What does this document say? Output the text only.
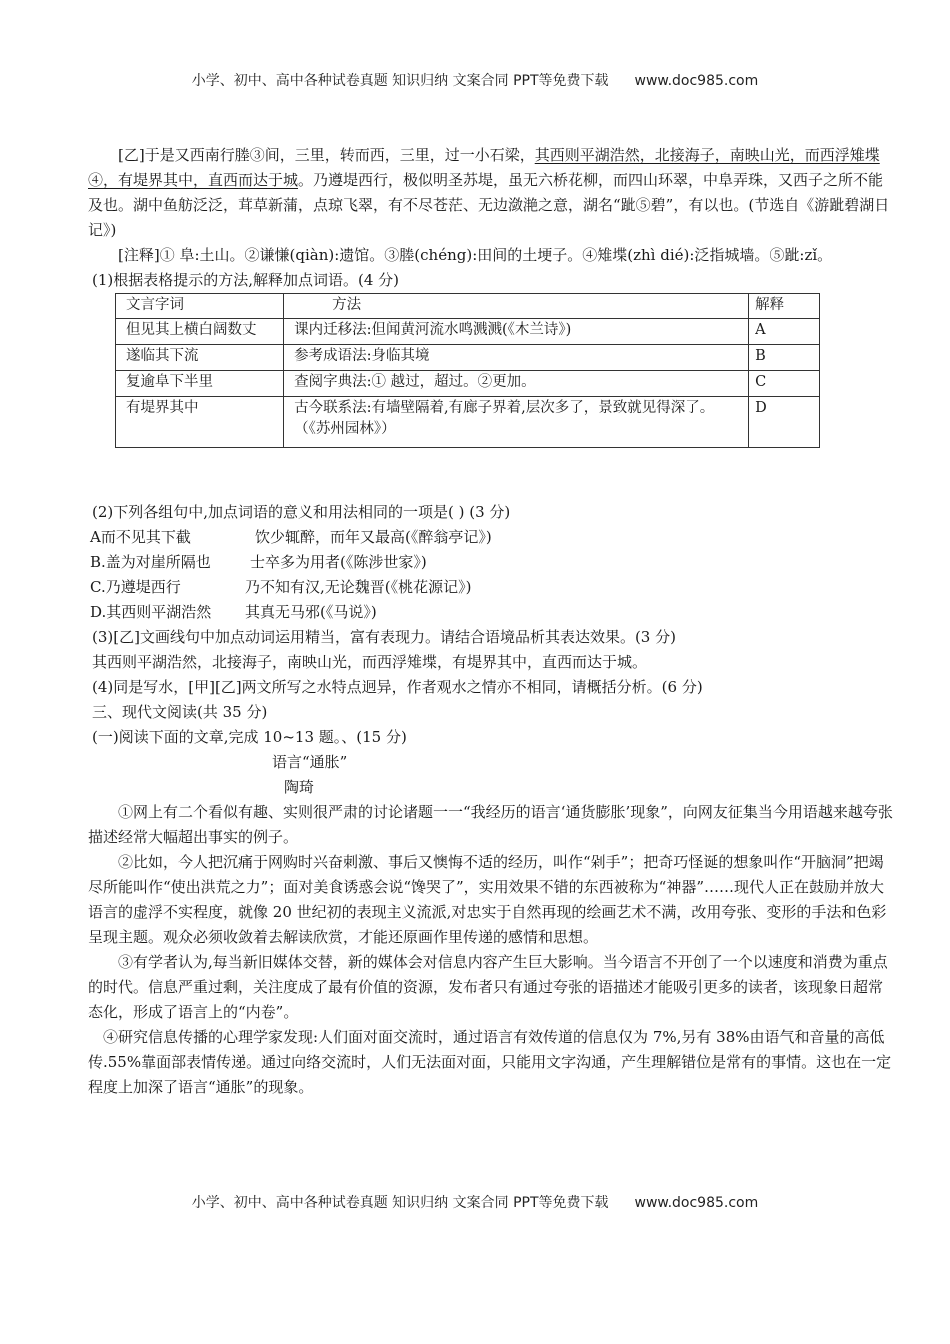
小学、初中、高中各种试卷真题 知识归纳 文案合同 PPT等免费下载 www.doc985.com

[乙]于是又西南行塍③间，三里，转而西，三里，过一小石梁，其西则平湖浩然，北接海子，南映山光，而西浮雉堞④，有堤界其中，直西而达于城。乃遵堤西行，极似明圣苏堤，虽无六桥花柳，而四山环翠，中阜弄珠，又西子之所不能及也。湖中鱼舫泛泛，茸草新蒲，点琼飞翠，有不尽苍茫、无边潋滟之意，湖名“跐⑤碧”，有以也。(节选自《游跐碧湖日记》)

[注释]① 阜:土山。②谦慊(qiàn):遗馆。③塍(chéng):田间的土埂子。④雉堞(zhì dié):泛指城墙。⑤跐:zǐ。

(1)根据表格提示的方法,解释加点词语。(4 分)

文言字词	方法	解释
但见其上横白阔数丈	课内迁移法:但闻黄河流水鸣溅溅(《木兰诗》)	A
遂临其下流	参考成语法:身临其境	B
复逾阜下半里	查阅字典法:① 越过，超过。②更加。	C
有堤界其中	古今联系法:有墙壁隔着,有廊子界着,层次多了，景致就见得深了。（《苏州园林》）	D

(2)下列各组句中,加点词语的意义和用法相同的一项是( ) (3 分)

A而不见其下截	饮少辄醉，而年又最高(《醉翁亭记》)

B.盖为对崖所隔也	士卒多为用者(《陈涉世家》)

C.乃遵堤西行	乃不知有汉,无论魏晋(《桃花源记》)

D.其西则平湖浩然 其真无马邪(《马说》)

(3)[乙]文画线句中加点动词运用精当，富有表现力。请结合语境品析其表达效果。(3 分)

其西则平湖浩然，北接海子，南映山光，而西浮雉堞，有堤界其中，直西而达于城。

(4)同是写水，[甲][乙]两文所写之水特点迥异，作者观水之情亦不相同，请概括分析。(6 分)

三、现代文阅读(共 35 分)

(一)阅读下面的文章,完成 10~13 题。、(15 分)

语言“通胀”

陶琦

①网上有二个看似有趣、实则很严肃的讨论诸题一一“我经历的语言‘通货膨胀’现象”，向网友征集当今用语越来越夸张描述经常大幅超出事实的例子。

②比如，今人把沉痛于网购时兴奋刺激、事后又懊悔不适的经历，叫作“剁手”；把奇巧怪诞的想象叫作“开脑洞”把竭尽所能叫作“使出洪荒之力”；面对美食诱惑会说“馋哭了”，实用效果不错的东西被称为“神器”……现代人正在鼓励并放大语言的虚浮不实程度，就像 20 世纪初的表现主义流派,对忠实于自然再现的绘画艺术不满，改用夸张、变形的手法和色彩呈现主题。观众必须收敛着去解读欣赏，才能还原画作里传递的感情和思想。

③有学者认为,每当新旧媒体交替，新的媒体会对信息内容产生巨大影响。当今语言不开创了一个以速度和消费为重点的时代。信息严重过剩，关注度成了最有价值的资源，发布者只有通过夸张的语描述才能吸引更多的读者，该现象日超常态化，形成了语言上的“内卷”。

④研究信息传播的心理学家发现:人们面对面交流时，通过语言有效传道的信息仅为 7%,另有 38%由语气和音量的高低传.55%靠面部表情传递。通过向络交流时，人们无法面对面，只能用文字沟通，产生理解错位是常有的事情。这也在一定程度上加深了语言“通胀”的现象。

小学、初中、高中各种试卷真题 知识归纳 文案合同 PPT等免费下载 www.doc985.com
